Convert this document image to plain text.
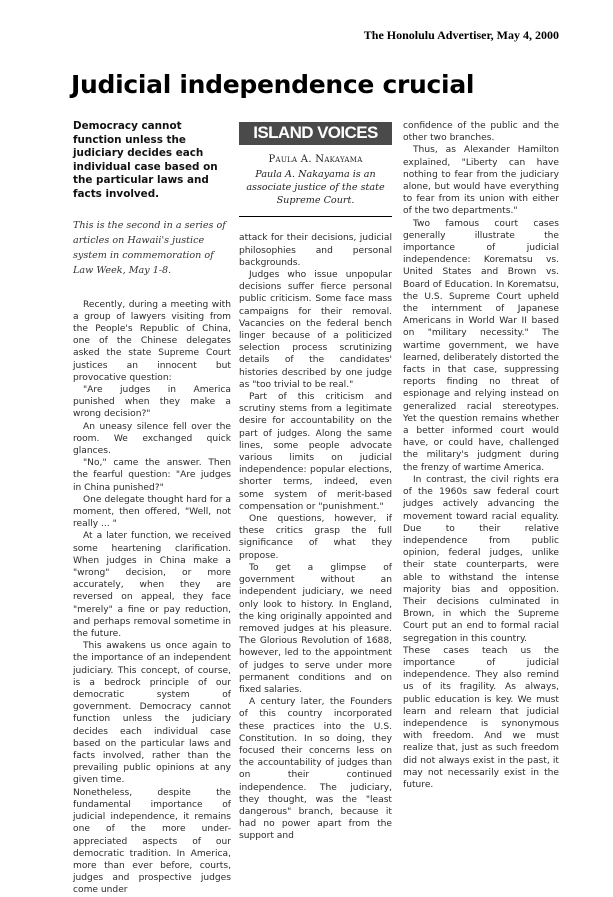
The Honolulu Advertiser, May 4, 2000
Judicial independence crucial
Democracy cannot function unless the judiciary decides each individual case based on the particular laws and facts involved.
This is the second in a series of articles on Hawaii's justice system in commemoration of Law Week, May 1-8.

Recently, during a meeting with a group of lawyers visiting from the People's Republic of China, one of the Chinese delegates asked the state Supreme Court justices an innocent but provocative question:

"Are judges in America punished when they make a wrong decision?"

An uneasy silence fell over the room. We exchanged quick glances.

"No," came the answer. Then the fearful question: "Are judges in China punished?"

One delegate thought hard for a moment, then offered, "Well, not really ... "

At a later function, we received some heartening clarification. When judges in China make a "wrong" decision, or more accurately, when they are reversed on appeal, they face "merely" a fine or pay reduction, and perhaps removal sometime in the future.

This awakens us once again to the importance of an independent judiciary. This concept, of course, is a bedrock principle of our democratic system of government. Democracy cannot function unless the judiciary decides each individual case based on the particular laws and facts involved, rather than the prevailing public opinions at any given time.

Nonetheless, despite the fundamental importance of judicial independence, it remains one of the more under-appreciated aspects of our democratic tradition. In America, more than ever before, courts, judges and prospective judges come under

ISLAND VOICES
Paula A. Nakayama
Paula A. Nakayama is an associate justice of the state Supreme Court.

attack for their decisions, judicial philosophies and personal backgrounds.

Judges who issue unpopular decisions suffer fierce personal public criticism. Some face mass campaigns for their removal. Vacancies on the federal bench linger because of a politicized selection process scrutinizing details of the candidates' histories described by one judge as "too trivial to be real."

Part of this criticism and scrutiny stems from a legitimate desire for accountability on the part of judges. Along the same lines, some people advocate various limits on judicial independence: popular elections, shorter terms, indeed, even some system of merit-based compensation or "punishment."

One questions, however, if these critics grasp the full significance of what they propose.

To get a glimpse of government without an independent judiciary, we need only look to history. In England, the king originally appointed and removed judges at his pleasure. The Glorious Revolution of 1688, however, led to the appointment of judges to serve under more permanent conditions and on fixed salaries.

A century later, the Founders of this country incorporated these practices into the U.S. Constitution. In so doing, they focused their concerns less on the accountability of judges than on their continued independence. The judiciary, they thought, was the "least dangerous" branch, because it had no power apart from the support and

confidence of the public and the other two branches.

Thus, as Alexander Hamilton explained, "Liberty can have nothing to fear from the judiciary alone, but would have everything to fear from its union with either of the two departments."

Two famous court cases generally illustrate the importance of judicial independence: Korematsu vs. United States and Brown vs. Board of Education. In Korematsu, the U.S. Supreme Court upheld the internment of Japanese Americans in World War II based on "military necessity." The wartime government, we have learned, deliberately distorted the facts in that case, suppressing reports finding no threat of espionage and relying instead on generalized racial stereotypes. Yet the question remains whether a better informed court would have, or could have, challenged the military's judgment during the frenzy of wartime America.

In contrast, the civil rights era of the 1960s saw federal court judges actively advancing the movement toward racial equality. Due to their relative independence from public opinion, federal judges, unlike their state counterparts, were able to withstand the intense majority bias and opposition. Their decisions culminated in Brown, in which the Supreme Court put an end to formal racial segregation in this country.

These cases teach us the importance of judicial independence. They also remind us of its fragility. As always, public education is key. We must learn and relearn that judicial independence is synonymous with freedom. And we must realize that, just as such freedom did not always exist in the past, it may not necessarily exist in the future.
